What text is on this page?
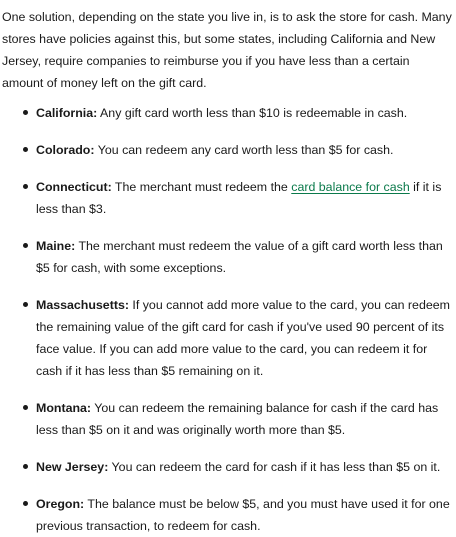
One solution, depending on the state you live in, is to ask the store for cash. Many stores have policies against this, but some states, including California and New Jersey, require companies to reimburse you if you have less than a certain amount of money left on the gift card.

California: Any gift card worth less than $10 is redeemable in cash.
Colorado: You can redeem any card worth less than $5 for cash.
Connecticut: The merchant must redeem the card balance for cash if it is less than $3.
Maine: The merchant must redeem the value of a gift card worth less than $5 for cash, with some exceptions.
Massachusetts: If you cannot add more value to the card, you can redeem the remaining value of the gift card for cash if you've used 90 percent of its face value. If you can add more value to the card, you can redeem it for cash if it has less than $5 remaining on it.
Montana: You can redeem the remaining balance for cash if the card has less than $5 on it and was originally worth more than $5.
New Jersey: You can redeem the card for cash if it has less than $5 on it.
Oregon: The balance must be below $5, and you must have used it for one previous transaction, to redeem for cash.
